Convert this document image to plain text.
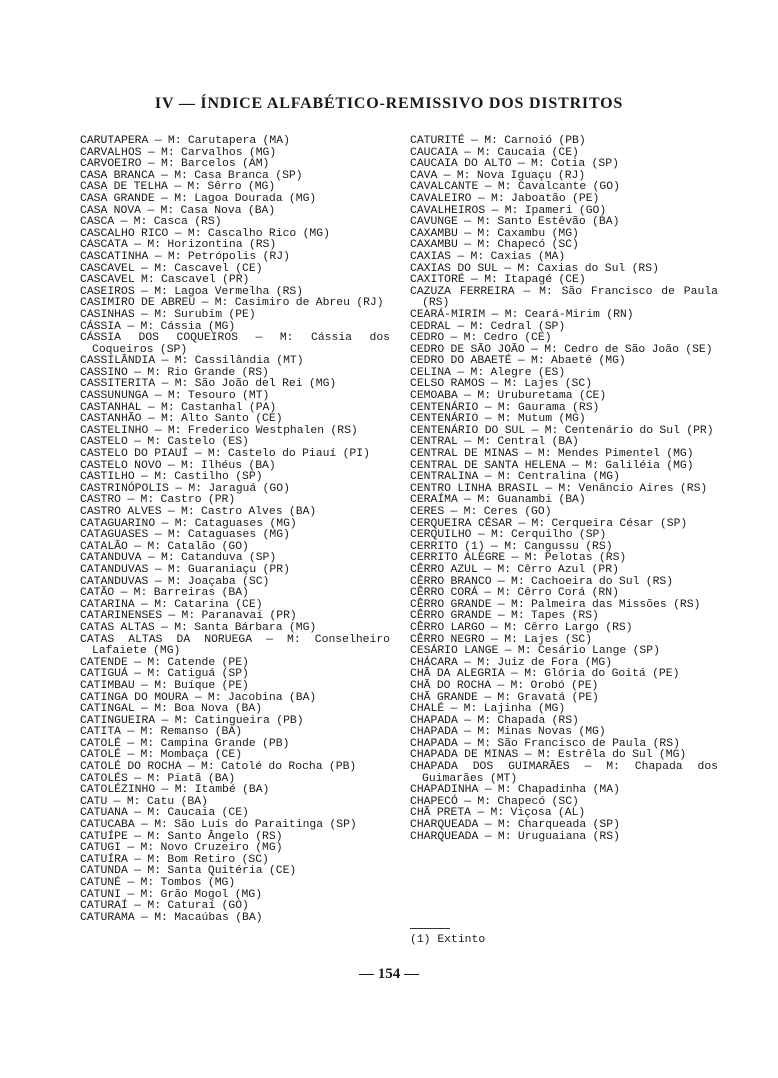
IV — ÍNDICE ALFABÉTICO-REMISSIVO DOS DISTRITOS
CARUTAPERA — M: Carutapera (MA)
CARVALHOS — M: Carvalhos (MG)
CARVOEIRO — M: Barcelos (AM)
CASA BRANCA — M: Casa Branca (SP)
CASA DE TELHA — M: Sêrro (MG)
CASA GRANDE — M: Lagoa Dourada (MG)
CASA NOVA — M: Casa Nova (BA)
CASCA — M: Casca (RS)
CASCALHO RICO — M: Cascalho Rico (MG)
CASCATA — M: Horizontina (RS)
CASCATINHA — M: Petrópolis (RJ)
CASCAVEL — M: Cascavel (CE)
CASCAVEL M: Cascavel (PR)
CASEIROS — M: Lagoa Vermelha (RS)
CASIMIRO DE ABREU — M: Casimiro de Abreu (RJ)
CASINHAS — M: Surubim (PE)
CÁSSIA — M: Cássia (MG)
CÁSSIA DOS COQUEIROS — M: Cássia dos Coqueiros (SP)
CASSILÂNDIA — M: Cassilândia (MT)
CASSINO — M: Rio Grande (RS)
CASSITERITA — M: São João del Rei (MG)
CASSUNUNGA — M: Tesouro (MT)
CASTANHAL — M: Castanhal (PA)
CASTANHÃO — M: Alto Santo (CE)
CASTELINHO — M: Frederico Westphalen (RS)
CASTELO — M: Castelo (ES)
CASTELO DO PIAUÍ — M: Castelo do Piauí (PI)
CASTELO NOVO — M: Ilhéus (BA)
CASTILHO — M: Castilho (SP)
CASTRINÓPOLIS — M: Jaraguá (GO)
CASTRO — M: Castro (PR)
CASTRO ALVES — M: Castro Alves (BA)
CATAGUARINO — M: Cataguases (MG)
CATAGUASES — M: Cataguases (MG)
CATALÃO — M: Catalão (GO)
CATANDUVA — M: Catanduva (SP)
CATANDUVAS — M: Guaraniaçu (PR)
CATANDUVAS — M: Joaçaba (SC)
CATÃO — M: Barreiras (BA)
CATARINA — M: Catarina (CE)
CATARINENSES — M: Paranavaí (PR)
CATAS ALTAS — M: Santa Bárbara (MG)
CATAS ALTAS DA NORUEGA — M: Conselheiro Lafaiete (MG)
CATENDE — M: Catende (PE)
CATIGUÁ — M: Catiguá (SP)
CATIMBAU — M: Buíque (PE)
CATINGA DO MOURA — M: Jacobina (BA)
CATINGAL — M: Boa Nova (BA)
CATINGUEIRA — M: Catingueira (PB)
CATITA — M: Remanso (BA)
CATOLÉ — M: Campina Grande (PB)
CATOLÉ — M: Mombaça (CE)
CATOLÉ DO ROCHA — M: Catolé do Rocha (PB)
CATOLÉS — M: Piatã (BA)
CATOLÉZINHO — M: Itambé (BA)
CATU — M: Catu (BA)
CATUANA — M: Caucaia (CE)
CATUCABA — M: São Luís do Paraitinga (SP)
CATUÍPE — M: Santo Ângelo (RS)
CATUGI — M: Novo Cruzeiro (MG)
CATUÍRA — M: Bom Retiro (SC)
CATUNDA — M: Santa Quitéria (CE)
CATUNÉ — M: Tombos (MG)
CATUNI — M: Grão Mogol (MG)
CATURAÍ — M: Caturaí (GO)
CATURAMA — M: Macaúbas (BA)
CATURITÉ — M: Carnoió (PB)
CAUCAIA — M: Caucaia (CE)
CAUCAIA DO ALTO — M: Cotia (SP)
CAVA — M: Nova Iguaçu (RJ)
CAVALCANTE — M: Cavalcante (GO)
CAVALEIRO — M: Jaboatão (PE)
CAVALHEIROS — M: Ipameri (GO)
CAVUNGE — M: Santo Estêvão (BA)
CAXAMBU — M: Caxambu (MG)
CAXAMBU — M: Chapecó (SC)
CAXIAS — M: Caxias (MA)
CAXIAS DO SUL — M: Caxias do Sul (RS)
CAXITORÉ — M: Itapagé (CE)
CAZUZA FERREIRA — M: São Francisco de Paula (RS)
CEARÁ-MIRIM — M: Ceará-Mirim (RN)
CEDRAL — M: Cedral (SP)
CEDRO — M: Cedro (CE)
CEDRO DE SÃO JOÃO — M: Cedro de São João (SE)
CEDRO DO ABAETÉ — M: Abaeté (MG)
CELINA — M: Alegre (ES)
CELSO RAMOS — M: Lajes (SC)
CEMOABA — M: Uruburetama (CE)
CENTENÁRIO — M: Gaurama (RS)
CENTENÁRIO — M: Mutum (MG)
CENTENÁRIO DO SUL — M: Centenário do Sul (PR)
CENTRAL — M: Central (BA)
CENTRAL DE MINAS — M: Mendes Pimentel (MG)
CENTRAL DE SANTA HELENA — M: Galiléia (MG)
CENTRALINA — M: Centralina (MG)
CENTRO LINHA BRASIL — M: Venâncio Aires (RS)
CERAÍMA — M: Guanambi (BA)
CERES — M: Ceres (GO)
CERQUEIRA CÉSAR — M: Cerqueira César (SP)
CERQUILHO — M: Cerquilho (SP)
CERRITO (1) — M: Cangussu (RS)
CERRITO ALEGRE — M: Pelotas (RS)
CÊRRO AZUL — M: Cêrro Azul (PR)
CÊRRO BRANCO — M: Cachoeira do Sul (RS)
CÊRRO CORÁ — M: Cêrro Corá (RN)
CÊRRO GRANDE — M: Palmeira das Missões (RS)
CÊRRO GRANDE — M: Tapes (RS)
CÊRRO LARGO — M: Cêrro Largo (RS)
CÊRRO NEGRO — M: Lajes (SC)
CESÁRIO LANGE — M: Cesário Lange (SP)
CHÁCARA — M: Juiz de Fora (MG)
CHÃ DA ALEGRIA — M: Glória do Goitá (PE)
CHÃ DO ROCHA — M: Orobó (PE)
CHÃ GRANDE — M: Gravatá (PE)
CHALÉ — M: Lajinha (MG)
CHAPADA — M: Chapada (RS)
CHAPADA — M: Minas Novas (MG)
CHAPADA — M: São Francisco de Paula (RS)
CHAPADA DE MINAS — M: Estrêla do Sul (MG)
CHAPADA DOS GUIMARÃES — M: Chapada dos Guimarães (MT)
CHAPADINHA — M: Chapadinha (MA)
CHAPECÓ — M: Chapecó (SC)
CHÃ PRETA — M: Viçosa (AL)
CHARQUEADA — M: Charqueada (SP)
CHARQUEADA — M: Uruguaiana (RS)
(1) Extinto
— 154 —
